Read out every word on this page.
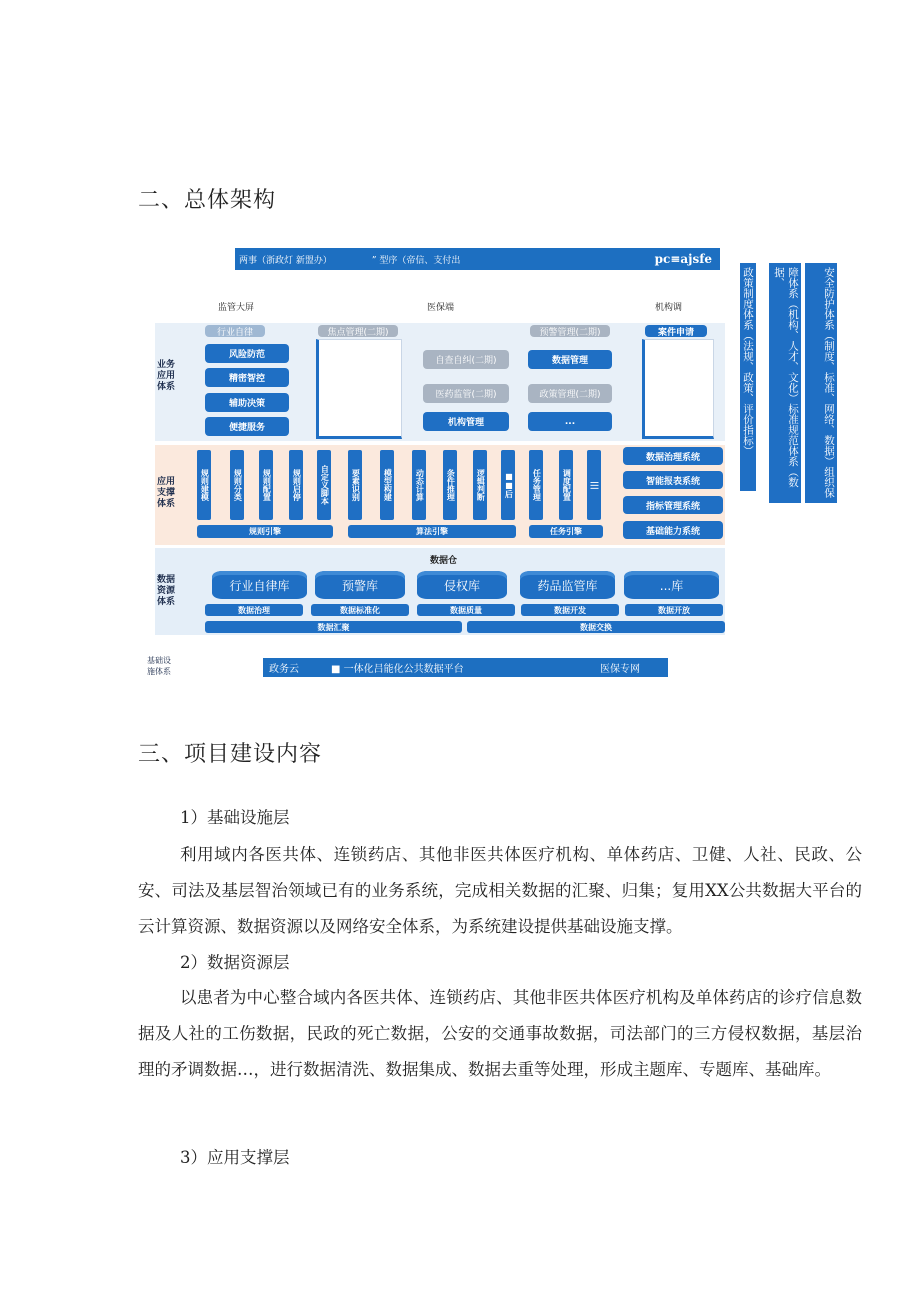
二、总体架构
两事（浙政灯 新盟办）	” 型序（帝信、支付出	pc≡ajsfe
监管大屏	医保端	机构调
业务
应用
体系
行业自律
风险防范
精密智控
辅助决策
便捷服务
焦点管理(二期)
自查自纠(二期)
医药监管(二期)
机构管理
预警管理(二期)
数据管理
政策管理(二期)
...
案件申请
应用
支撑
体系
规则建模	规则分类	规则配置	规则启停	自定义脚本
规则引擎
要素识别	模型构建	动态计算	条件推理	逻辑判断	■■后
算法引擎
任务管理	调度配置	|||
任务引擎
数据治理系统
智能报表系统
指标管理系统
基础能力系统
数据
资源
体系
数据仓
行业自律库	预警库	侵权库	药品监管库	...库
数据治理	数据标准化	数据质量	数据开发	数据开放
数据汇聚	数据交换
基础设
施体系	政务云	■ 一体化吕能化公共数据平台	医保专网
政策制度体系（法规、政策、评价指标）	障体系（机构、人才、文化）标准规范体系（数据、	安全防护体系（制度、标准、网络、数据）组织保
三、项目建设内容
1）基础设施层
利用域内各医共体、连锁药店、其他非医共体医疗机构、单体药店、卫健、人社、民政、公安、司法及基层智治领域已有的业务系统，完成相关数据的汇聚、归集；复用XX公共数据大平台的云计算资源、数据资源以及网络安全体系，为系统建设提供基础设施支撑。
2）数据资源层
以患者为中心整合域内各医共体、连锁药店、其他非医共体医疗机构及单体药店的诊疗信息数据及人社的工伤数据，民政的死亡数据，公安的交通事故数据，司法部门的三方侵权数据，基层治理的矛调数据…，进行数据清洗、数据集成、数据去重等处理，形成主题库、专题库、基础库。
3）应用支撑层
